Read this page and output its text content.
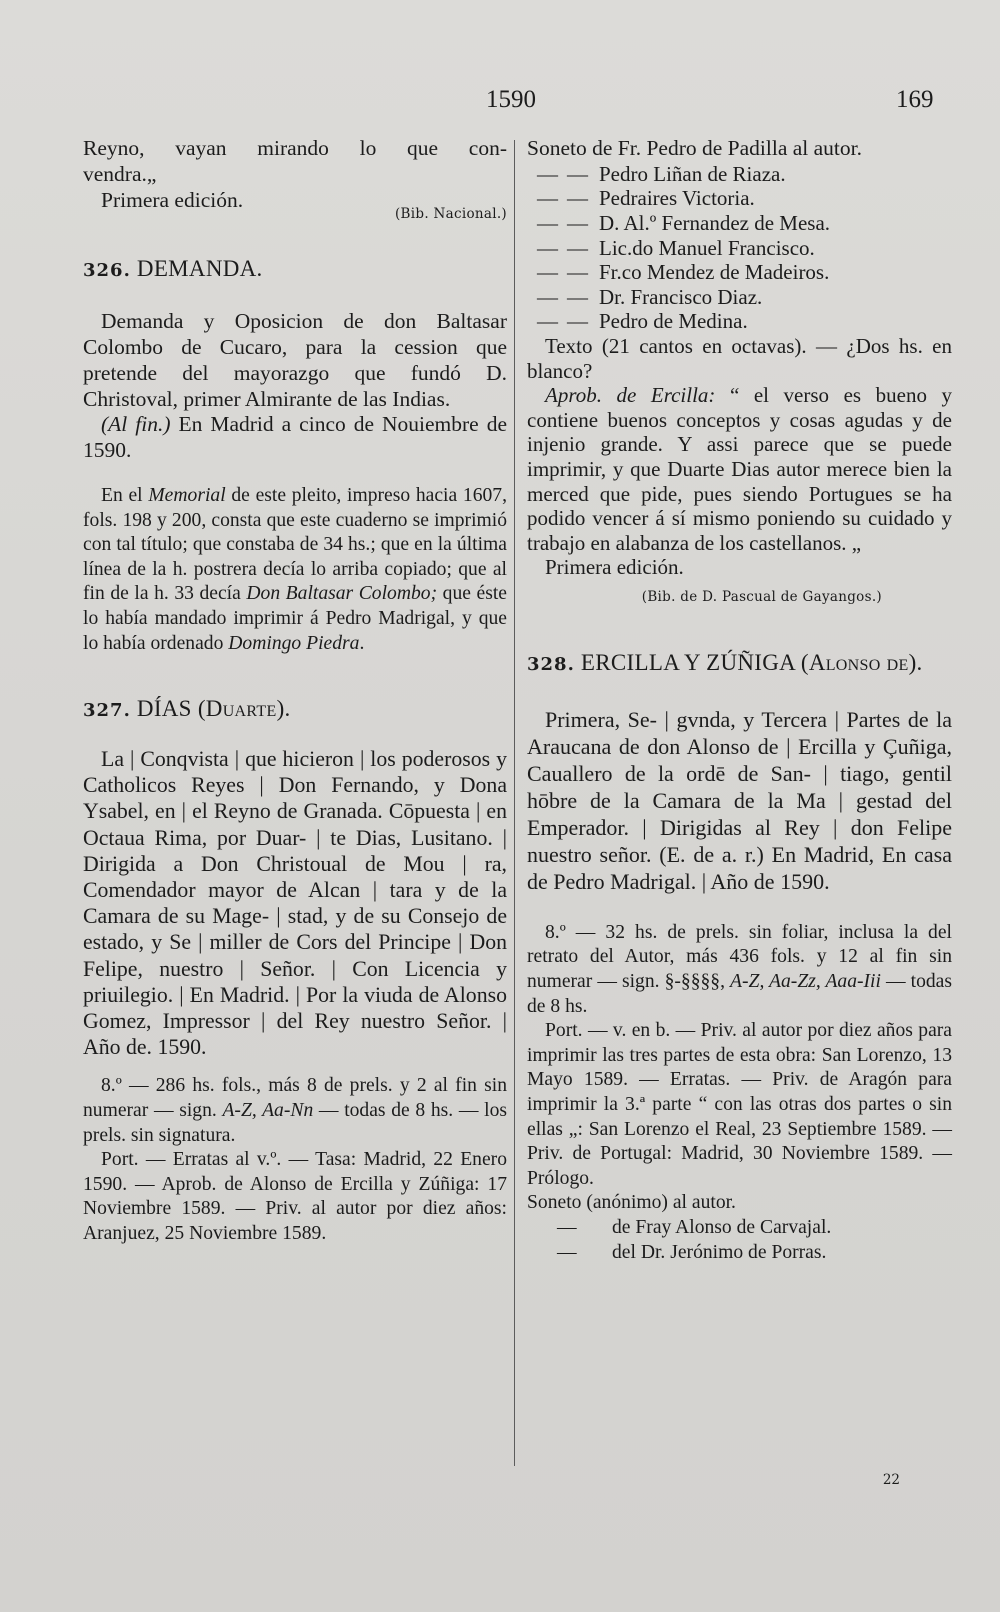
1590	169

Reyno, vayan mirando lo que con-

vendra.„

Primera edición.

(Bib. Nacional.)

326. DEMANDA.

Demanda y Oposicion de don Baltasar Colombo de Cucaro, para la cession que pretende del mayorazgo que fundó D. Christoval, primer Almirante de las Indias.

(Al fin.) En Madrid a cinco de Nouiembre de 1590.

En el Memorial de este pleito, impreso hacia 1607, fols. 198 y 200, consta que este cuaderno se imprimió con tal título; que constaba de 34 hs.; que en la última línea de la h. postrera decía lo arriba copiado; que al fin de la h. 33 decía Don Baltasar Colombo; que éste lo había mandado imprimir á Pedro Madrigal, y que lo había ordenado Domingo Piedra.

327. DÍAS (Duarte).

La | Conqvista | que hicieron | los poderosos y Catholicos Reyes | Don Fernando, y Dona Ysabel, en | el Reyno de Granada. Cōpuesta | en Octaua Rima, por Duar- | te Dias, Lusitano. | Dirigida a Don Christoual de Mou | ra, Comendador mayor de Alcan | tara y de la Camara de su Mage- | stad, y de su Consejo de estado, y Se | miller de Cors del Principe | Don Felipe, nuestro | Señor. | Con Licencia y priuilegio. | En Madrid. | Por la viuda de Alonso Gomez, Impressor | del Rey nuestro Señor. | Año de. 1590.

8.º — 286 hs. fols., más 8 de prels. y 2 al fin sin numerar — sign. A-Z, Aa-Nn — todas de 8 hs. — los prels. sin signatura.

Port. — Erratas al v.º. — Tasa: Madrid, 22 Enero 1590. — Aprob. de Alonso de Ercilla y Zúñiga: 17 Noviembre 1589. — Priv. al autor por diez años: Aranjuez, 25 Noviembre 1589.

Soneto de Fr. Pedro de Padilla al autor.

— — Pedro Liñan de Riaza.
— — Pedraires Victoria.
— — D. Al.º Fernandez de Mesa.
— — Lic.do Manuel Francisco.
— — Fr.co Mendez de Madeiros.
— — Dr. Francisco Diaz.
— — Pedro de Medina.

Texto (21 cantos en octavas). — ¿Dos hs. en blanco?

Aprob. de Ercilla: “ el verso es bueno y contiene buenos conceptos y cosas agudas y de injenio grande. Y assi parece que se puede imprimir, y que Duarte Dias autor merece bien la merced que pide, pues siendo Portugues se ha podido vencer á sí mismo poniendo su cuidado y trabajo en alabanza de los castellanos. „

Primera edición.

(Bib. de D. Pascual de Gayangos.)

328. ERCILLA Y ZÚÑIGA (Alonso de).

Primera, Se- | gvnda, y Tercera | Partes de la Araucana de don Alonso de | Ercilla y Çuñiga, Cauallero de la ordē de San- | tiago, gentil hōbre de la Camara de la Ma | gestad del Emperador. | Dirigidas al Rey | don Felipe nuestro señor. (E. de a. r.) En Madrid, En casa de Pedro Madrigal. | Año de 1590.

8.º — 32 hs. de prels. sin foliar, inclusa la del retrato del Autor, más 436 fols. y 12 al fin sin numerar — sign. §-§§§§, A-Z, Aa-Zz, Aaa-Iii — todas de 8 hs.

Port. — v. en b. — Priv. al autor por diez años para imprimir las tres partes de esta obra: San Lorenzo, 13 Mayo 1589. — Erratas. — Priv. de Aragón para imprimir la 3.ª parte “ con las otras dos partes o sin ellas „: San Lorenzo el Real, 23 Septiembre 1589. — Priv. de Portugal: Madrid, 30 Noviembre 1589. — Prólogo.

Soneto (anónimo) al autor.

—	de Fray Alonso de Carvajal.
—	del Dr. Jerónimo de Porras.
22
